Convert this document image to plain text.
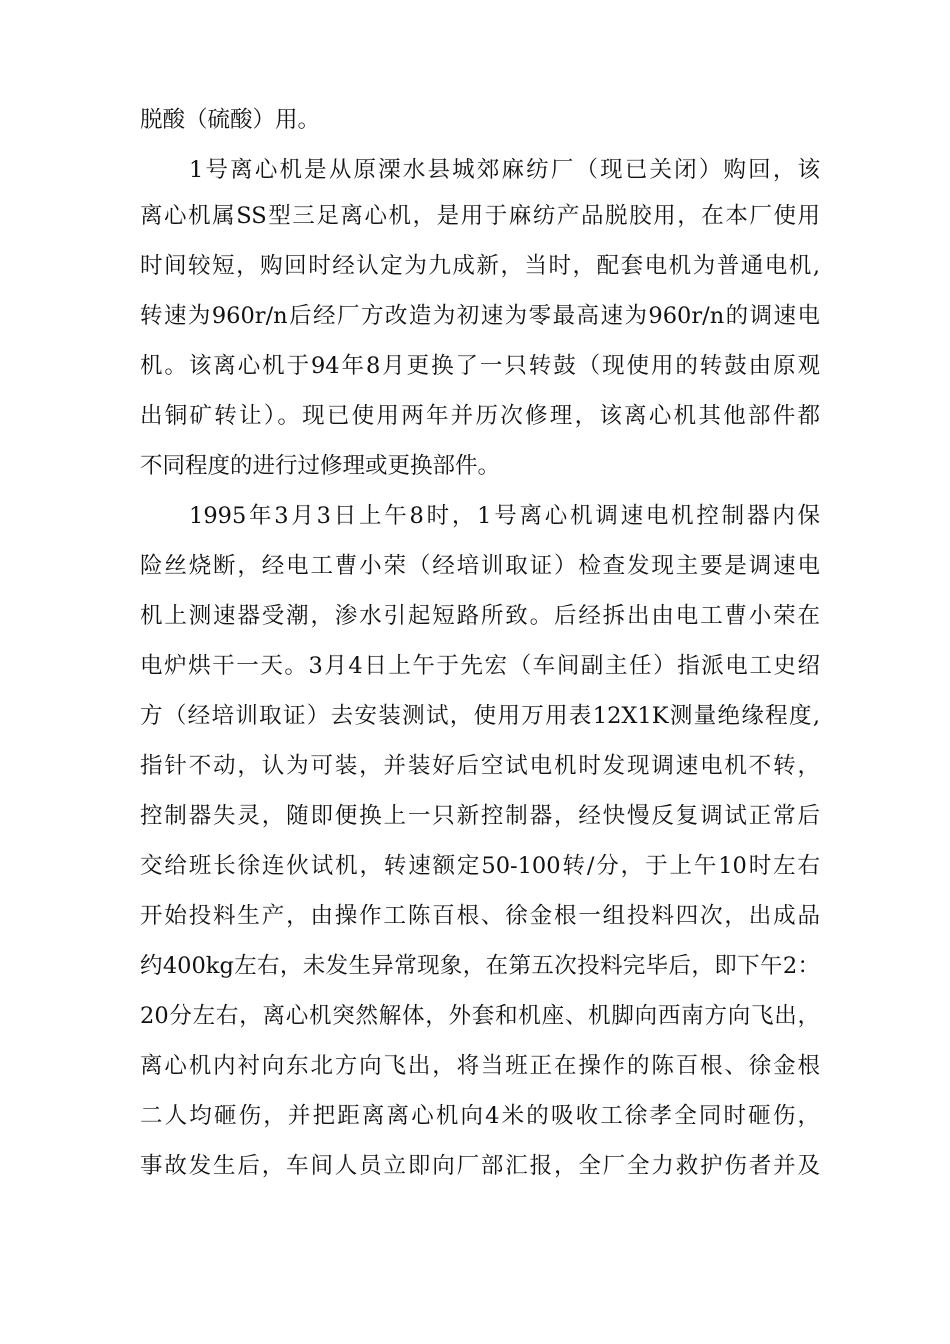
脱酸（硫酸）用。
1号离心机是从原溧水县城郊麻纺厂（现已关闭）购回，该
离心机属SS型三足离心机，是用于麻纺产品脱胶用，在本厂使用
时间较短，购回时经认定为九成新，当时，配套电机为普通电机,
转速为960r/n后经厂方改造为初速为零最高速为960r/n的调速电
机。该离心机于94年8月更换了一只转鼓（现使用的转鼓由原观
出铜矿转让）。现已使用两年并历次修理，该离心机其他部件都
不同程度的进行过修理或更换部件。
1995年3月3日上午8时，1号离心机调速电机控制器内保
险丝烧断，经电工曹小荣（经培训取证）检查发现主要是调速电
机上测速器受潮，渗水引起短路所致。后经拆出由电工曹小荣在
电炉烘干一天。3月4日上午于先宏（车间副主任）指派电工史绍
方（经培训取证）去安装测试，使用万用表12X1K测量绝缘程度,
指针不动，认为可装，并装好后空试电机时发现调速电机不转，
控制器失灵，随即便换上一只新控制器，经快慢反复调试正常后
交给班长徐连伙试机，转速额定50-100转/分，于上午10时左右
开始投料生产，由操作工陈百根、徐金根一组投料四次，出成品
约400kg左右，未发生异常现象，在第五次投料完毕后，即下午2：
20分左右，离心机突然解体，外套和机座、机脚向西南方向飞出，
离心机内衬向东北方向飞出，将当班正在操作的陈百根、徐金根
二人均砸伤，并把距离离心机向4米的吸收工徐孝全同时砸伤，
事故发生后，车间人员立即向厂部汇报，全厂全力救护伤者并及
